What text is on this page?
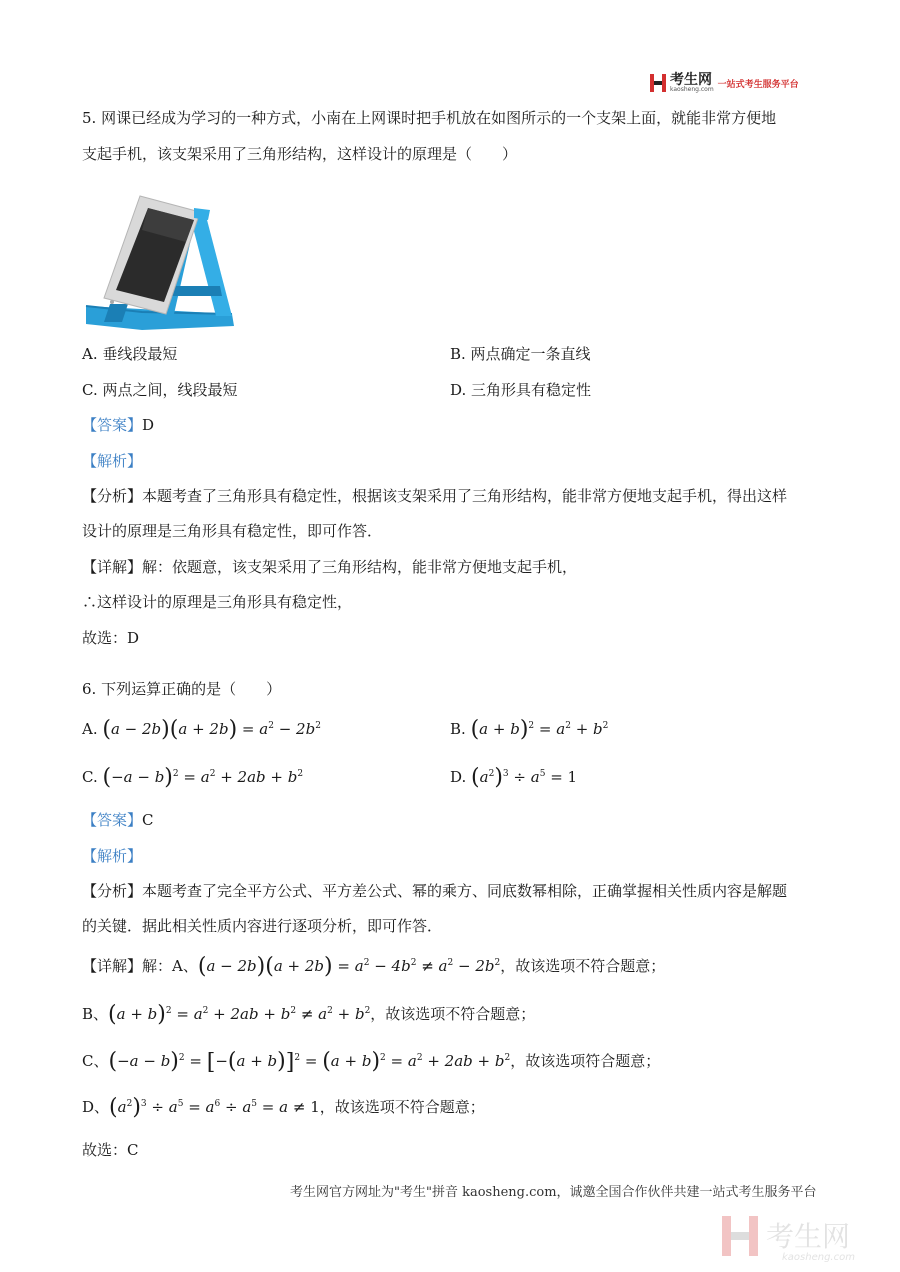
考生网
kaosheng.com 一站式考生服务平台
5. 网课已经成为学习的一种方式，小南在上网课时把手机放在如图所示的一个支架上面，就能非常方便地
支起手机，该支架采用了三角形结构，这样设计的原理是（　　）
A. 垂线段最短	B. 两点确定一条直线
C. 两点之间，线段最短	D. 三角形具有稳定性
【答案】D
【解析】
【分析】本题考查了三角形具有稳定性，根据该支架采用了三角形结构，能非常方便地支起手机，得出这样
设计的原理是三角形具有稳定性，即可作答．
【详解】解：依题意，该支架采用了三角形结构，能非常方便地支起手机，
∴这样设计的原理是三角形具有稳定性，
故选：D
6. 下列运算正确的是（　　）
A. $(a - 2b)(a + 2b) = a^2 - 2b^2$	B. $(a + b)^2 = a^2 + b^2$
C. $(-a - b)^2 = a^2 + 2ab + b^2$	D. $(a^2)^3 \div a^5 = 1$
【答案】C
【解析】
【分析】本题考查了完全平方公式、平方差公式、幂的乘方、同底数幂相除，正确掌握相关性质内容是解题
的关键．据此相关性质内容进行逐项分析，即可作答．
【详解】解：A、$(a - 2b)(a + 2b) = a^2 - 4b^2 \ne a^2 - 2b^2$，故该选项不符合题意；
B、$(a + b)^2 = a^2 + 2ab + b^2 \ne a^2 + b^2$，故该选项不符合题意；
C、$(-a - b)^2 = [-(a + b)]^2 = (a + b)^2 = a^2 + 2ab + b^2$，故该选项符合题意；
D、$(a^2)^3 \div a^5 = a^6 \div a^5 = a \ne 1$，故该选项不符合题意；
故选：C
考生网官方网址为"考生"拼音 kaosheng.com，诚邀全国合作伙伴共建一站式考生服务平台
考生网
kaosheng.com
